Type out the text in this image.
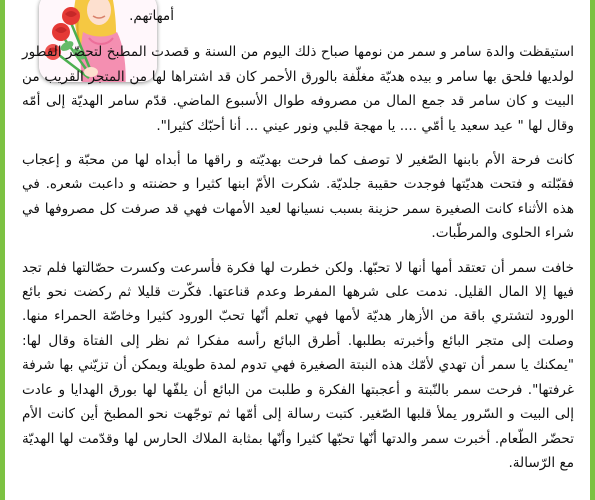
أمهاتهم.

استيقظت والدة سامر و سمر من نومها صباح ذلك اليوم من السنة و قصدت المطبخ لتحضّر الفطور لولديها فلحق بها سامر و بيده هديّة مغلّفة بالورق الأحمر كان قد اشتراها لها من المتجر القريب من البيت و كان سامر قد جمع المال من مصروفه طوال الأسبوع الماضي. قدّم سامر الهديّة إلى أمّه وقال لها " عيد سعيد يا أمّي .... يا مهجة قلبي ونور عيني ... أنا أحبّك كثيرا".

كانت فرحة الأم بابنها الصّغير لا توصف كما فرحت بهديّته و راقها ما أبداه لها من محبّة و إعجاب فقبّلته و فتحت هديّتها فوجدت حقيبة جلديّة. شكرت الأمّ ابنها كثيرا و حضنته و داعبت شعره. في هذه الأثناء كانت الصغيرة سمر حزينة بسبب نسيانها لعيد الأمهات فهي قد صرفت كل مصروفها في شراء الحلوى والمرطّبات.

خافت سمر أن تعتقد أمها أنها لا تحبّها. ولكن خطرت لها فكرة فأسرعت وكسرت حصّالتها فلم تجد فيها إلا المال القليل. ندمت على شرهها المفرط وعدم قناعتها. فكّرت قليلا ثم ركضت نحو بائع الورود لتشتري باقة من الأزهار هديّة لأمها فهي تعلم أنّها تحبّ الورود كثيرا وخاصّة الحمراء منها. وصلت إلى متجر البائع وأخبرته بطلبها. أطرق البائع رأسه مفكرا ثم نظر إلى الفتاة وقال لها: "يمكنك يا سمر أن تهدي لأمّك هذه النبتة الصغيرة فهي تدوم لمدة طويلة ويمكن أن تزيّني بها شرفة غرفتها". فرحت سمر بالنّبتة و أعجبتها الفكرة و طلبت من البائع أن يلفّها لها بورق الهدايا و عادت إلى البيت و السّرور يملأ قلبها الصّغير. كتبت رسالة إلى أمّها ثم توجّهت نحو المطبخ أين كانت الأم تحضّر الطّعام. أخبرت سمر والدتها أنّها تحبّها كثيرا وأنّها بمثابة الملاك الحارس لها وقدّمت لها الهديّة مع الرّسالة.
